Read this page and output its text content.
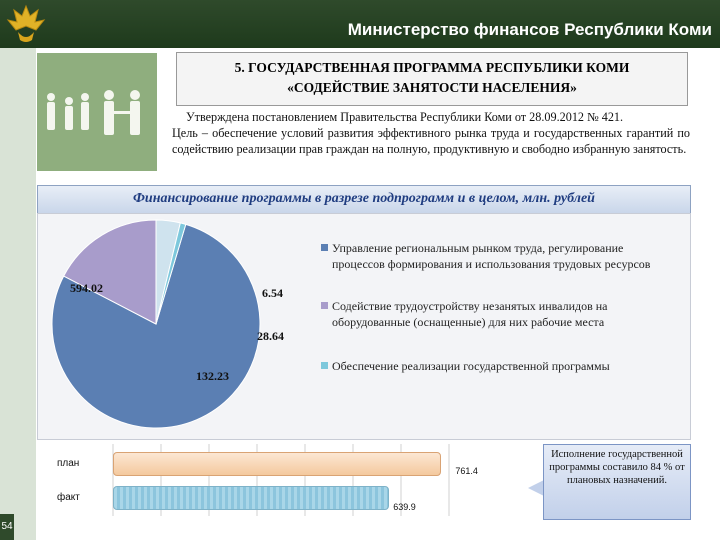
Министерство финансов Республики Коми
54
5. ГОСУДАРСТВЕННАЯ ПРОГРАММА РЕСПУБЛИКИ КОМИ
«СОДЕЙСТВИЕ ЗАНЯТОСТИ НАСЕЛЕНИЯ»

Утверждена постановлением Правительства Республики Коми от 28.09.2012 № 421.

Цель – обеспечение условий развития эффективного рынка труда и государственных гарантий по содействию реализации прав граждан на полную, продуктивную и свободно избранную занятость.

Финансирование программы в разрезе подпрограмм и в целом, млн. рублей
594.02
132.23
6.54
28.64
Управление региональным рынком труда, регулирование процессов формирования и использования трудовых ресурсов
Содействие трудоустройству незанятых инвалидов на оборудованные (оснащенные) для них рабочие места
Обеспечение реализации государственной программы
план
факт
761.4
639.9
Исполнение государственной программы составило 84 % от плановых назначений.
